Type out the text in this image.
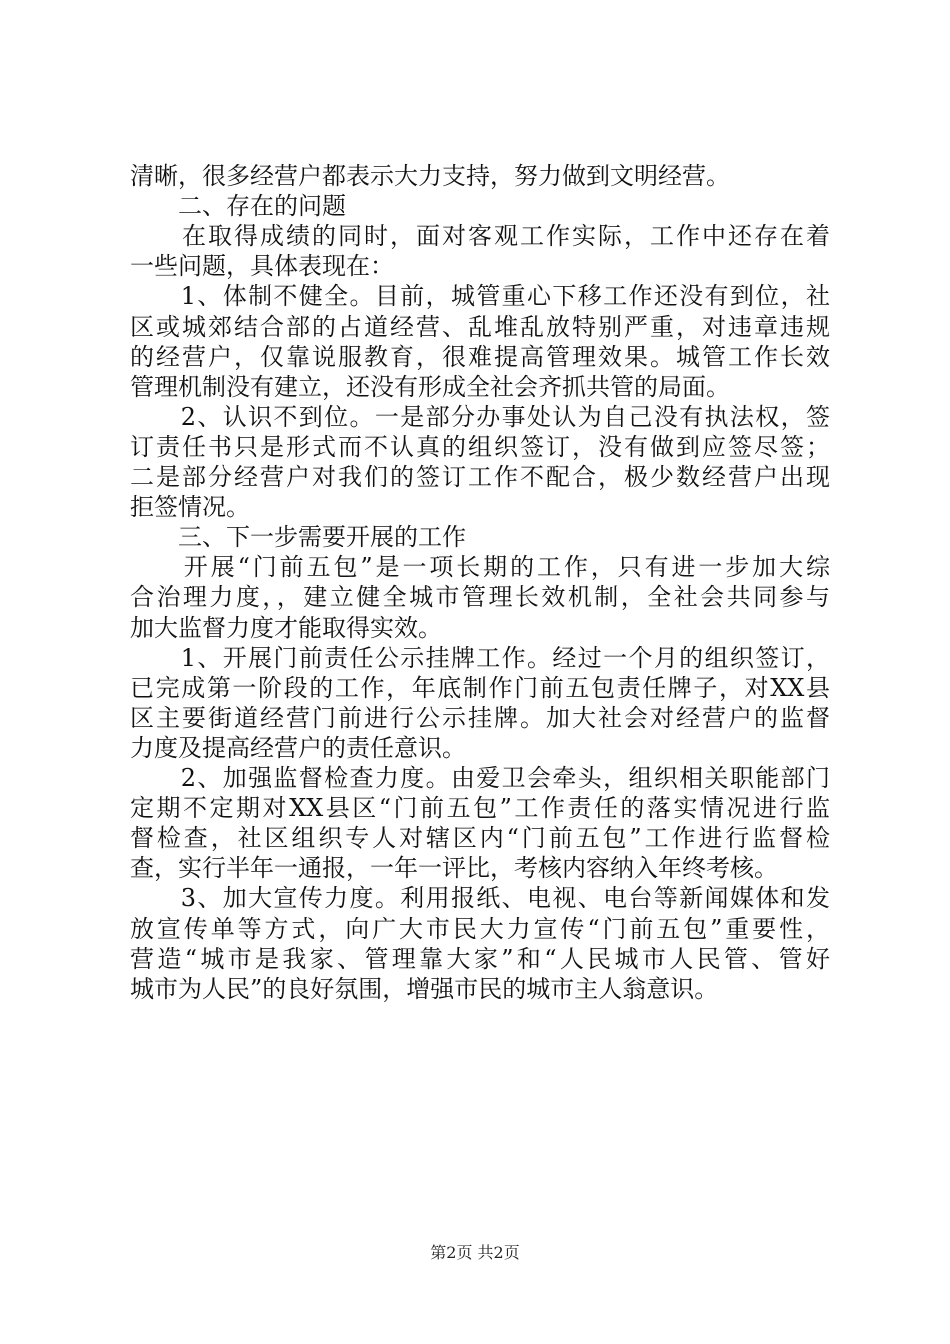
清晰，很多经营户都表示大力支持，努力做到文明经营。
　　二、存在的问题
　　在取得成绩的同时，面对客观工作实际，工作中还存在着
一些问题，具体表现在：
　　1、体制不健全。目前，城管重心下移工作还没有到位，社
区或城郊结合部的占道经营、乱堆乱放特别严重，对违章违规
的经营户，仅靠说服教育，很难提高管理效果。城管工作长效
管理机制没有建立，还没有形成全社会齐抓共管的局面。
　　2、认识不到位。一是部分办事处认为自己没有执法权，签
订责任书只是形式而不认真的组织签订，没有做到应签尽签；
二是部分经营户对我们的签订工作不配合，极少数经营户出现
拒签情况。
　　三、下一步需要开展的工作
　　开展“门前五包”是一项长期的工作，只有进一步加大综
合治理力度，，建立健全城市管理长效机制，全社会共同参与
加大监督力度才能取得实效。
　　1、开展门前责任公示挂牌工作。经过一个月的组织签订，
已完成第一阶段的工作，年底制作门前五包责任牌子，对XX县
区主要街道经营门前进行公示挂牌。加大社会对经营户的监督
力度及提高经营户的责任意识。
　　2、加强监督检查力度。由爱卫会牵头，组织相关职能部门
定期不定期对XX县区“门前五包”工作责任的落实情况进行监
督检查，社区组织专人对辖区内“门前五包”工作进行监督检
查，实行半年一通报，一年一评比，考核内容纳入年终考核。
　　3、加大宣传力度。利用报纸、电视、电台等新闻媒体和发
放宣传单等方式，向广大市民大力宣传“门前五包”重要性，
营造“城市是我家、管理靠大家”和“人民城市人民管、管好
城市为人民”的良好氛围，增强市民的城市主人翁意识。
第2页 共2页
